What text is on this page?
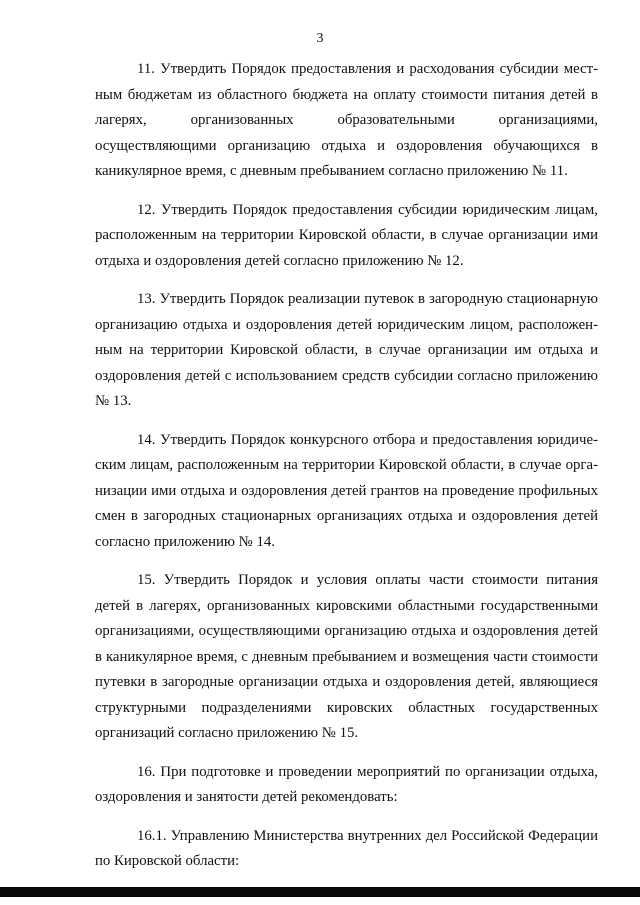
3

11. Утвердить Порядок предоставления и расходования субсидии местным бюджетам из областного бюджета на оплату стоимости питания детей в лагерях, организованных образовательными организациями, осуществляющими организацию отдыха и оздоровления обучающихся в каникулярное время, с дневным пребыванием согласно приложению № 11.

12. Утвердить Порядок предоставления субсидии юридическим лицам, расположенным на территории Кировской области, в случае организации ими отдыха и оздоровления детей согласно приложению № 12.

13. Утвердить Порядок реализации путевок в загородную стационарную организацию отдыха и оздоровления детей юридическим лицом, расположенным на территории Кировской области, в случае организации им отдыха и оздоровления детей с использованием средств субсидии согласно приложению № 13.

14. Утвердить Порядок конкурсного отбора и предоставления юридическим лицам, расположенным на территории Кировской области, в случае организации ими отдыха и оздоровления детей грантов на проведение профильных смен в загородных стационарных организациях отдыха и оздоровления детей согласно приложению № 14.

15. Утвердить Порядок и условия оплаты части стоимости питания детей в лагерях, организованных кировскими областными государственными организациями, осуществляющими организацию отдыха и оздоровления детей в каникулярное время, с дневным пребыванием и возмещения части стоимости путевки в загородные организации отдыха и оздоровления детей, являющиеся структурными подразделениями кировских областных государственных организаций согласно приложению № 15.

16. При подготовке и проведении мероприятий по организации отдыха, оздоровления и занятости детей рекомендовать:

16.1. Управлению Министерства внутренних дел Российской Федерации по Кировской области:
